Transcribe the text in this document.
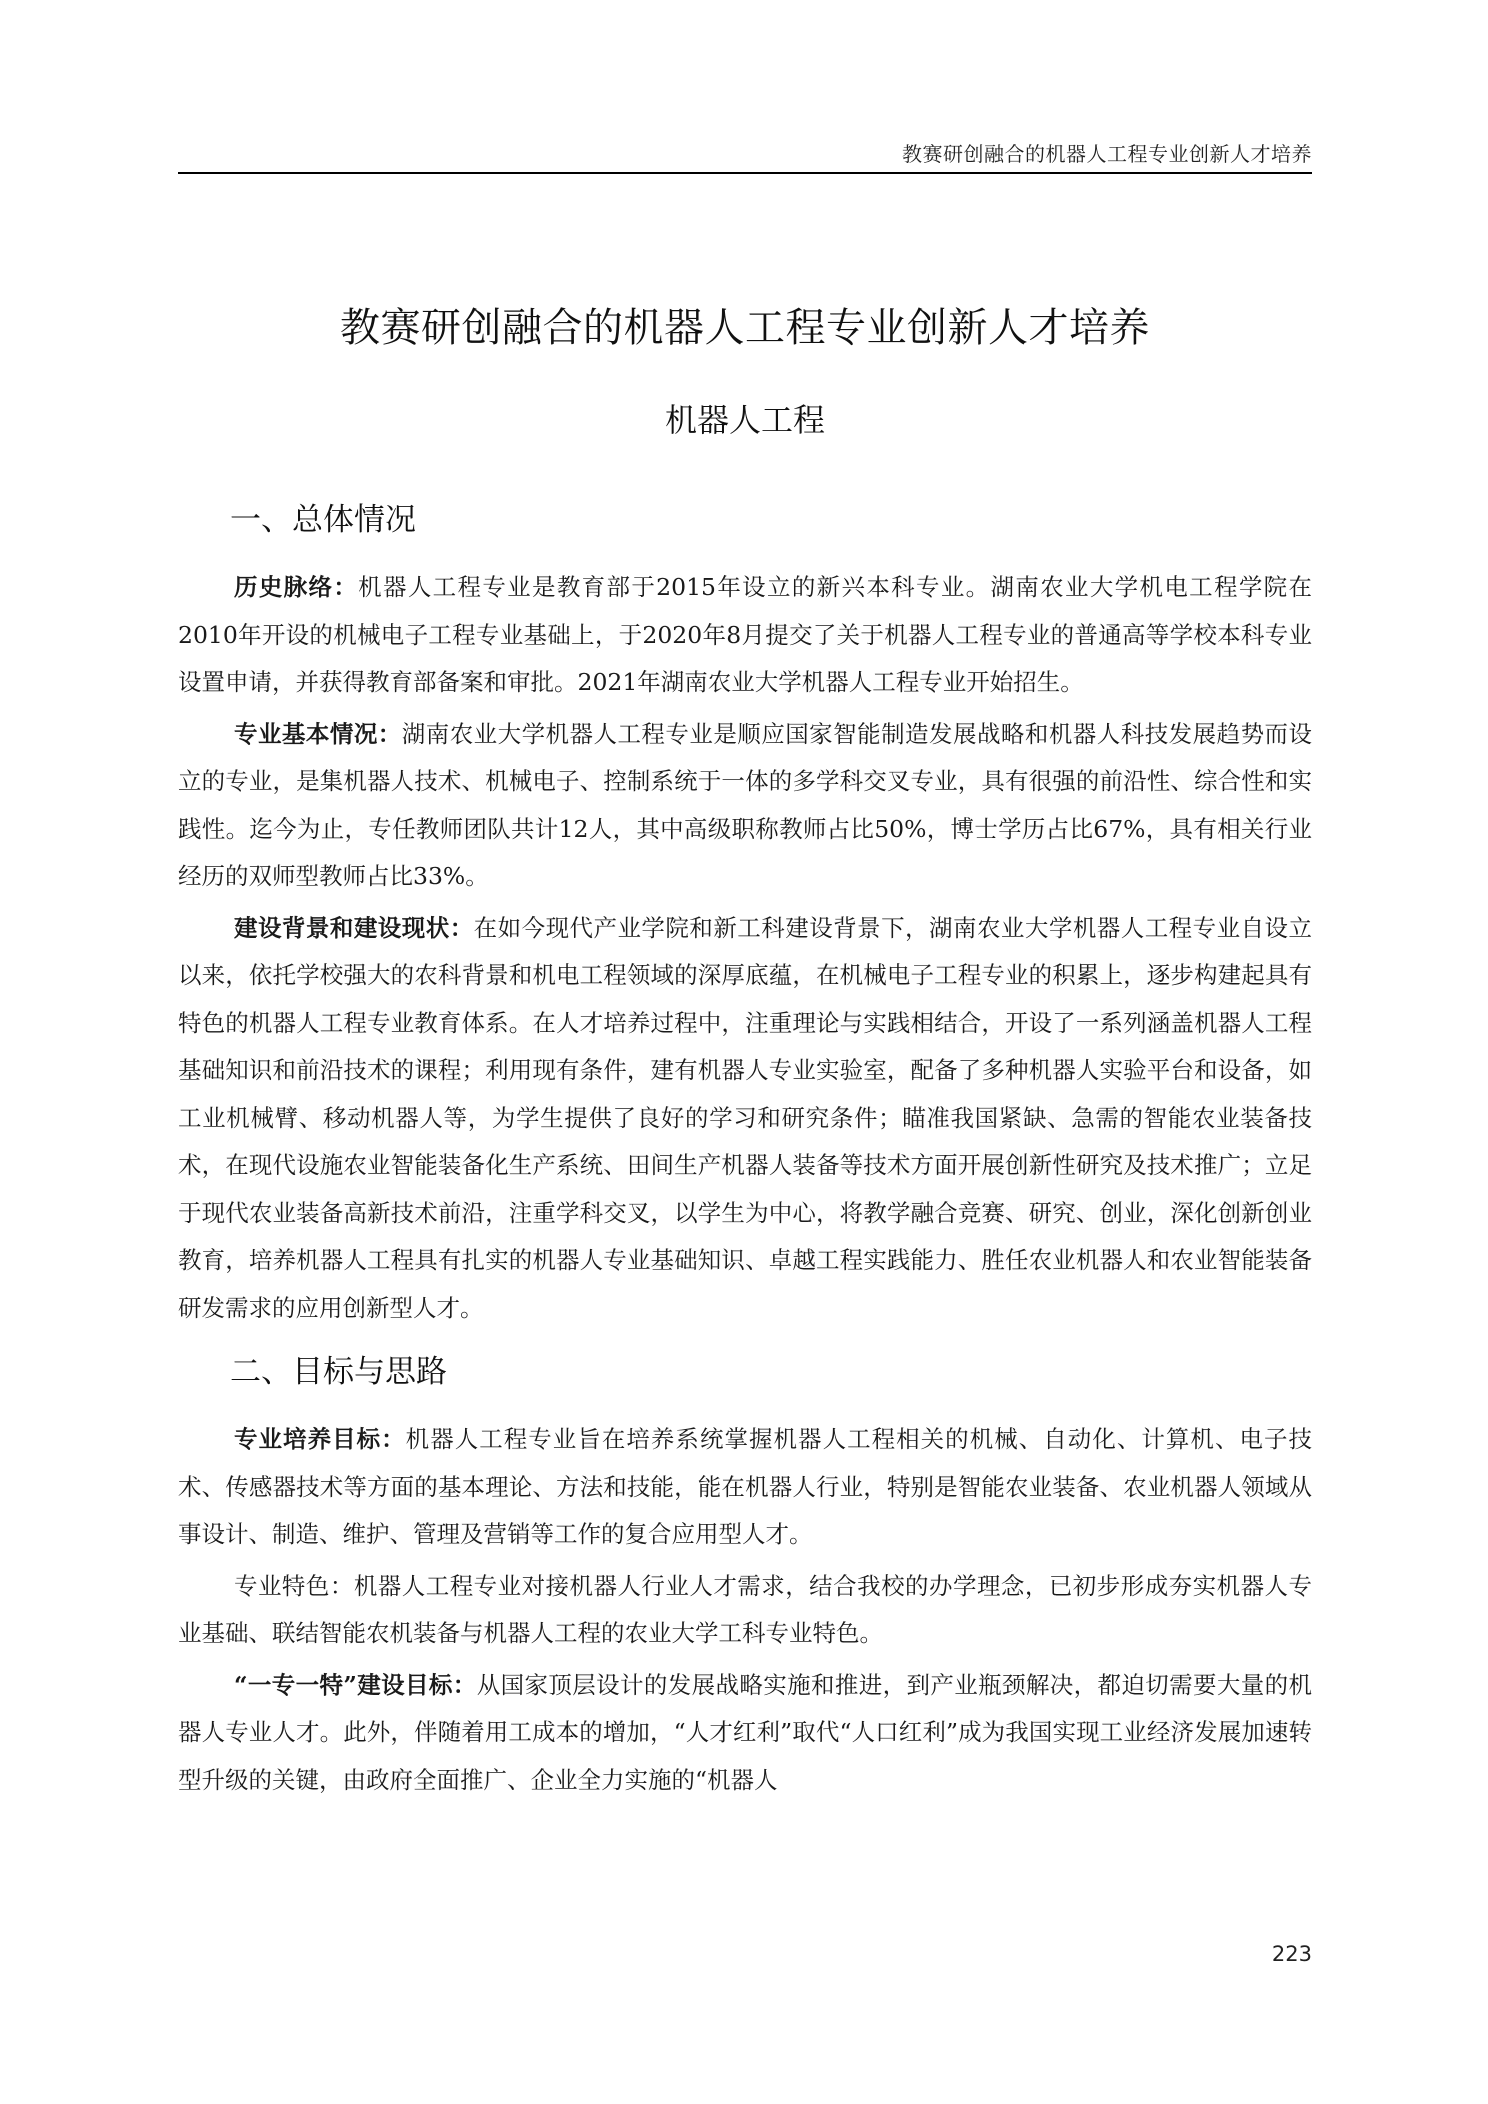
教赛研创融合的机器人工程专业创新人才培养
教赛研创融合的机器人工程专业创新人才培养
机器人工程
一、总体情况

历史脉络：机器人工程专业是教育部于2015年设立的新兴本科专业。湖南农业大学机电工程学院在2010年开设的机械电子工程专业基础上，于2020年8月提交了关于机器人工程专业的普通高等学校本科专业设置申请，并获得教育部备案和审批。2021年湖南农业大学机器人工程专业开始招生。

专业基本情况：湖南农业大学机器人工程专业是顺应国家智能制造发展战略和机器人科技发展趋势而设立的专业，是集机器人技术、机械电子、控制系统于一体的多学科交叉专业，具有很强的前沿性、综合性和实践性。迄今为止，专任教师团队共计12人，其中高级职称教师占比50%，博士学历占比67%，具有相关行业经历的双师型教师占比33%。

建设背景和建设现状：在如今现代产业学院和新工科建设背景下，湖南农业大学机器人工程专业自设立以来，依托学校强大的农科背景和机电工程领域的深厚底蕴，在机械电子工程专业的积累上，逐步构建起具有特色的机器人工程专业教育体系。在人才培养过程中，注重理论与实践相结合，开设了一系列涵盖机器人工程基础知识和前沿技术的课程；利用现有条件，建有机器人专业实验室，配备了多种机器人实验平台和设备，如工业机械臂、移动机器人等，为学生提供了良好的学习和研究条件；瞄准我国紧缺、急需的智能农业装备技术，在现代设施农业智能装备化生产系统、田间生产机器人装备等技术方面开展创新性研究及技术推广；立足于现代农业装备高新技术前沿，注重学科交叉，以学生为中心，将教学融合竞赛、研究、创业，深化创新创业教育，培养机器人工程具有扎实的机器人专业基础知识、卓越工程实践能力、胜任农业机器人和农业智能装备研发需求的应用创新型人才。

二、目标与思路

专业培养目标：机器人工程专业旨在培养系统掌握机器人工程相关的机械、自动化、计算机、电子技术、传感器技术等方面的基本理论、方法和技能，能在机器人行业，特别是智能农业装备、农业机器人领域从事设计、制造、维护、管理及营销等工作的复合应用型人才。

专业特色：机器人工程专业对接机器人行业人才需求，结合我校的办学理念，已初步形成夯实机器人专业基础、联结智能农机装备与机器人工程的农业大学工科专业特色。

“一专一特”建设目标：从国家顶层设计的发展战略实施和推进，到产业瓶颈解决，都迫切需要大量的机器人专业人才。此外，伴随着用工成本的增加，“人才红利”取代“人口红利”成为我国实现工业经济发展加速转型升级的关键，由政府全面推广、企业全力实施的“机器人

223
